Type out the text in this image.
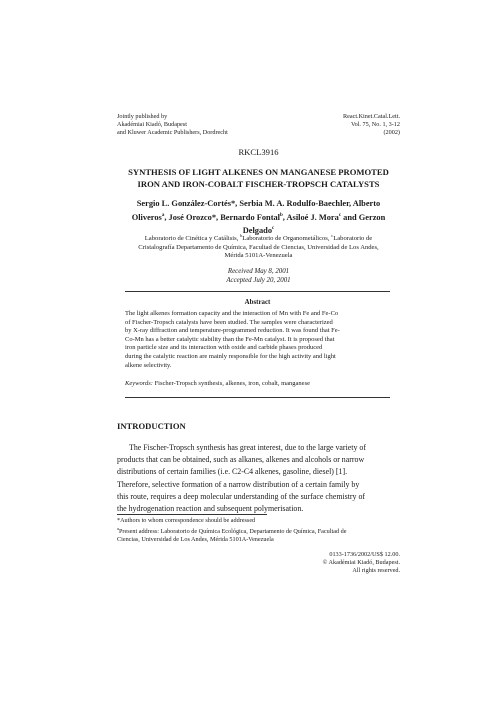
Jointly published by
Akadémiai Kiadó, Budapest
and Kluwer Academic Publishers, Dordrecht
React.Kinet.Catal.Lett.
Vol. 75, No. 1, 3-12
(2002)
RKCL3916
SYNTHESIS OF LIGHT ALKENES ON MANGANESE PROMOTED
IRON AND IRON-COBALT FISCHER-TROPSCH CATALYSTS
Sergio L. González-Cortés*, Serbia M. A. Rodulfo-Baechler, Alberto
Oliveros$^a$, José Orozco*, Bernardo Fontal$^b$, Asiloé J. Mora$^c$ and Gerzon
Delgado$^c$
Laboratorio de Cinética y Catálisis, $^b$Laboratorio de Organometálicos, $^c$Laboratorio de
Cristalografía Departamento de Química, Facultad de Ciencias, Universidad de Los Andes,
Mérida 5101A-Venezuela
Received May 8, 2001
Accepted July 20, 2001
Abstract
The light alkenes formation capacity and the interaction of Mn with Fe and Fe-Co
of Fischer-Tropsch catalysts have been studied. The samples were characterized
by X-ray diffraction and temperature-programmed reduction. It was found that Fe-
Co-Mn has a better catalytic stability than the Fe-Mn catalyst. It is proposed that
iron particle size and its interaction with oxide and carbide phases produced
during the catalytic reaction are mainly responsible for the high activity and light
alkene selectivity.
Keywords: Fischer-Tropsch synthesis, alkenes, iron, cobalt, manganese
INTRODUCTION
The Fischer-Tropsch synthesis has great interest, due to the large variety of
products that can be obtained, such as alkanes, alkenes and alcohols or narrow
distributions of certain families (i.e. C2-C4 alkenes, gasoline, diesel) [1].
Therefore, selective formation of a narrow distribution of a certain family by
this route, requires a deep molecular understanding of the surface chemistry of
the hydrogenation reaction and subsequent polymerisation.
*Authors to whom correspondence should be addressed
$^a$Present address: Laboratorio de Química Ecológica, Departamento de Química, Facultad de
Ciencias, Universidad de Los Andes, Mérida 5101A-Venezuela
0133-1736/2002/US$ 12.00.
© Akadémiai Kiadó, Budapest.
All rights reserved.
